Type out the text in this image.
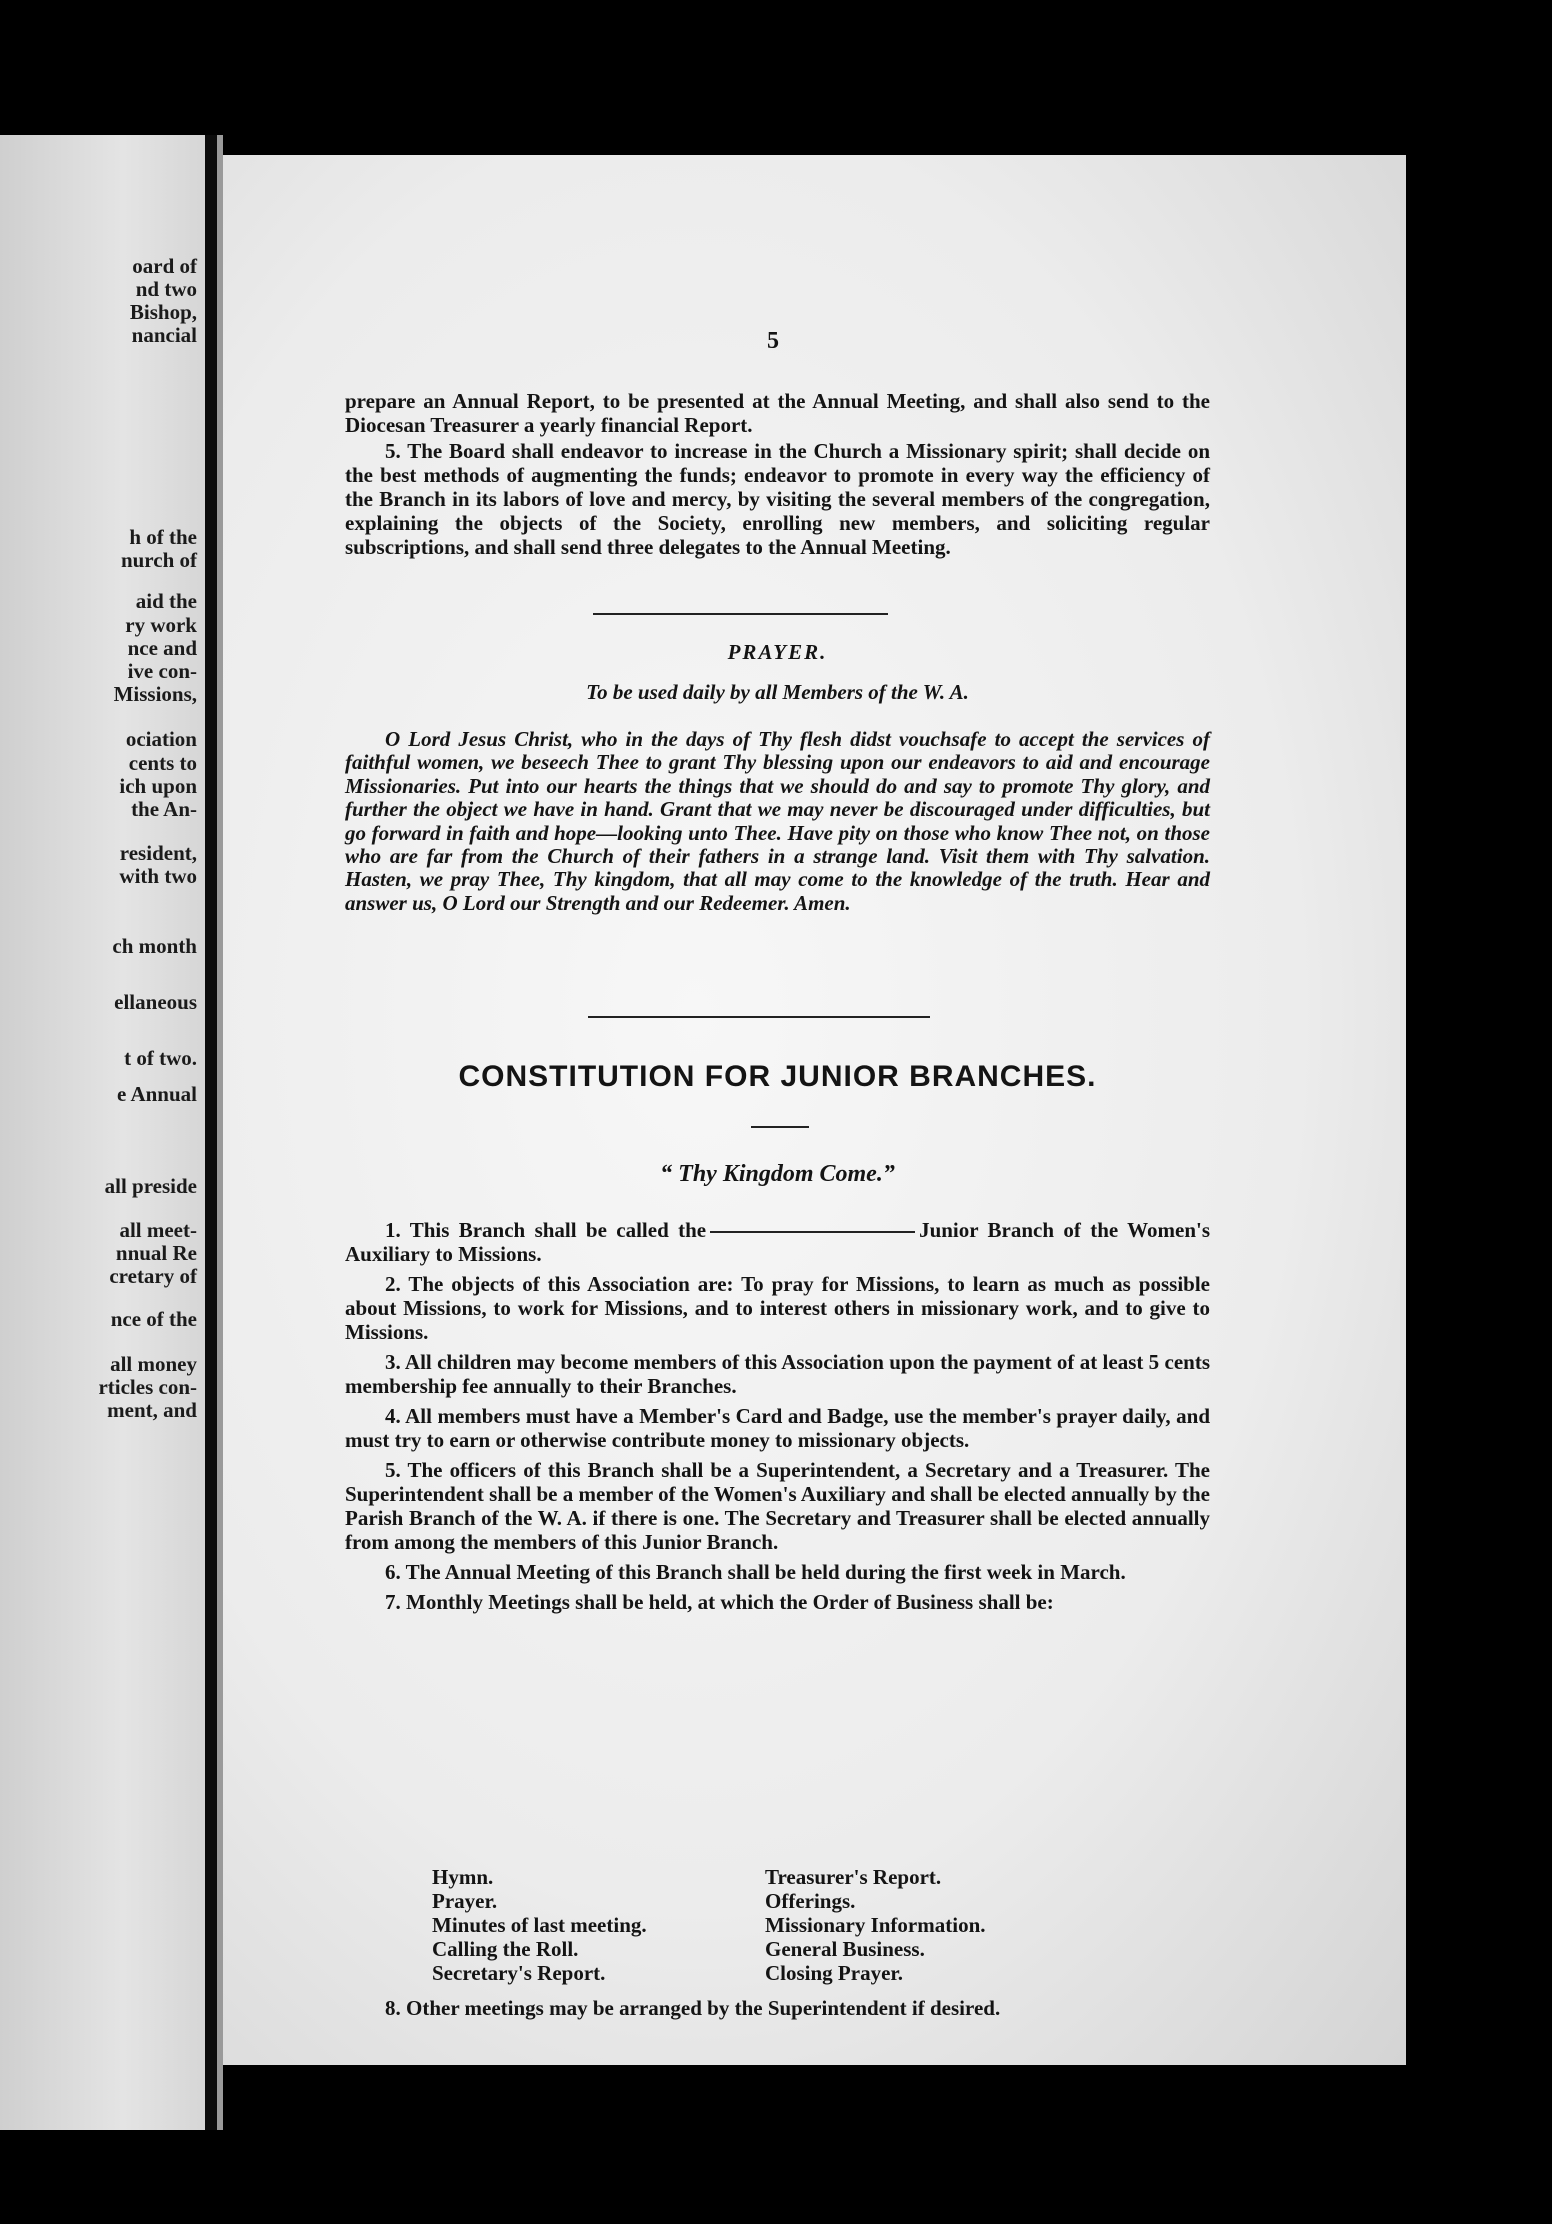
oard of
nd two
Bishop,
nancial
h of the
nurch of
aid the
ry work
nce and
ive con-
Missions,
ociation
cents to
ich upon
the An-
resident,
with two
ch month
ellaneous
t of two.
e Annual
all preside
all meet-
nnual Re
cretary of
nce of the
all money
rticles con-
ment, and
5

prepare an Annual Report, to be presented at the Annual Meeting, and shall also send to the Diocesan Treasurer a yearly financial Report.

5. The Board shall endeavor to increase in the Church a Missionary spirit; shall decide on the best methods of augmenting the funds; endeavor to promote in every way the efficiency of the Branch in its labors of love and mercy, by visiting the several members of the congregation, explaining the objects of the Society, enrolling new members, and soliciting regular subscriptions, and shall send three delegates to the Annual Meeting.

PRAYER.
To be used daily by all Members of the W. A.

O Lord Jesus Christ, who in the days of Thy flesh didst vouchsafe to accept the services of faithful women, we beseech Thee to grant Thy blessing upon our endeavors to aid and encourage Missionaries. Put into our hearts the things that we should do and say to promote Thy glory, and further the object we have in hand. Grant that we may never be discouraged under difficulties, but go forward in faith and hope—looking unto Thee. Have pity on those who know Thee not, on those who are far from the Church of their fathers in a strange land. Visit them with Thy salvation. Hasten, we pray Thee, Thy kingdom, that all may come to the knowledge of the truth. Hear and answer us, O Lord our Strength and our Redeemer. Amen.

CONSTITUTION FOR JUNIOR BRANCHES.
“ Thy Kingdom Come.”

1. This Branch shall be called the	Junior Branch of the Women's Auxiliary to Missions.

2. The objects of this Association are: To pray for Missions, to learn as much as possible about Missions, to work for Missions, and to interest others in missionary work, and to give to Missions.

3. All children may become members of this Association upon the payment of at least 5 cents membership fee annually to their Branches.

4. All members must have a Member's Card and Badge, use the member's prayer daily, and must try to earn or otherwise contribute money to missionary objects.

5. The officers of this Branch shall be a Superintendent, a Secretary and a Treasurer. The Superintendent shall be a member of the Women's Auxiliary and shall be elected annually by the Parish Branch of the W. A. if there is one. The Secretary and Treasurer shall be elected annually from among the members of this Junior Branch.

6. The Annual Meeting of this Branch shall be held during the first week in March.

7. Monthly Meetings shall be held, at which the Order of Business shall be:

Hymn.
Prayer.
Minutes of last meeting.
Calling the Roll.
Secretary's Report.
Treasurer's Report.
Offerings.
Missionary Information.
General Business.
Closing Prayer.

8. Other meetings may be arranged by the Superintendent if desired.
